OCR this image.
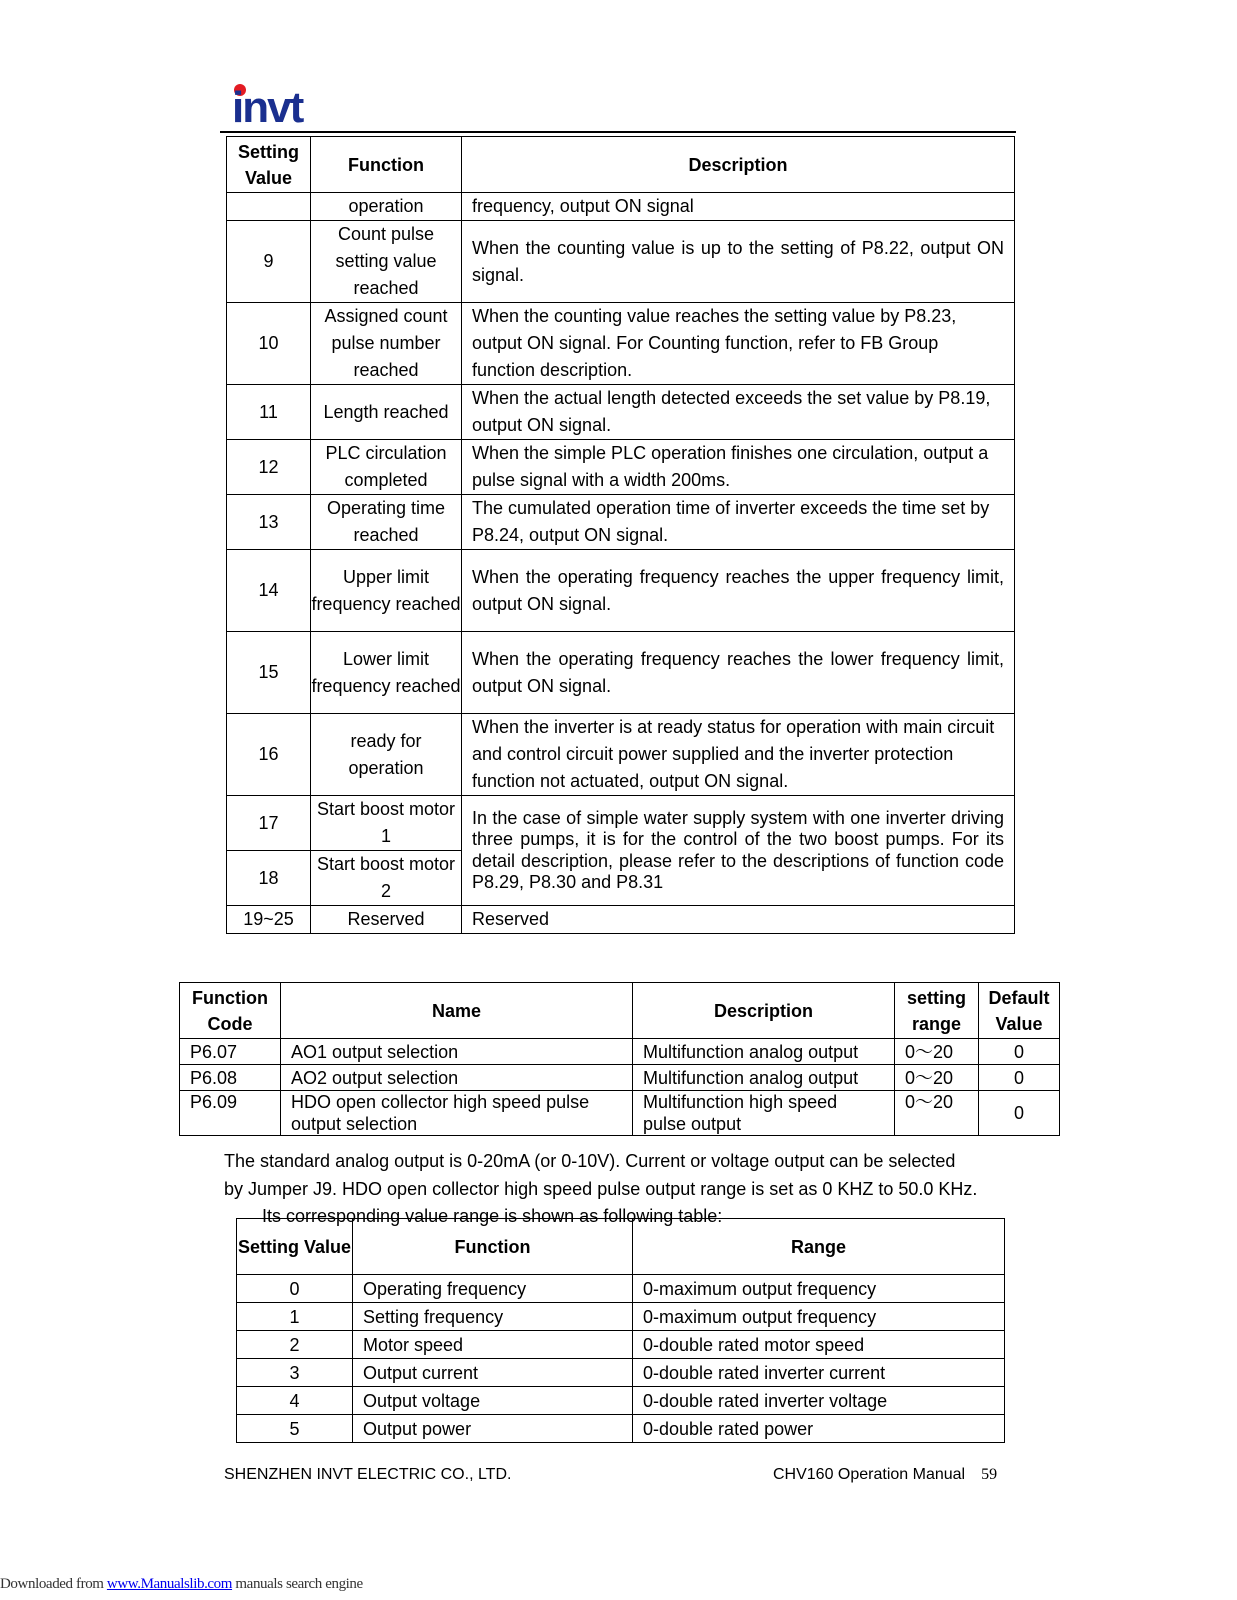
invt
Setting Value	Function	Description
	operation	frequency, output ON signal
9	Count pulse setting value reached	When the counting value is up to the setting of P8.22, output ON signal.
10	Assigned count pulse number reached	When the counting value reaches the setting value by P8.23, output ON signal. For Counting function, refer to FB Group function description.
11	Length reached	When the actual length detected exceeds the set value by P8.19, output ON signal.
12	PLC circulation completed	When the simple PLC operation finishes one circulation, output a pulse signal with a width 200ms.
13	Operating time reached	The cumulated operation time of inverter exceeds the time set by P8.24, output ON signal.
14	Upper limit frequency reached	When the operating frequency reaches the upper frequency limit, output ON signal.
15	Lower limit frequency reached	When the operating frequency reaches the lower frequency limit, output ON signal.
16	ready for operation	When the inverter is at ready status for operation with main circuit and control circuit power supplied and the inverter protection function not actuated, output ON signal.
17	Start boost motor 1	In the case of simple water supply system with one inverter driving three pumps, it is for the control of the two boost pumps. For its detail description, please refer to the descriptions of function code P8.29, P8.30 and P8.31
18	Start boost motor 2	
19~25	Reserved	Reserved
Function Code	Name	Description	setting range	Default Value
P6.07	AO1 output selection	Multifunction analog output	0～20	0
P6.08	AO2 output selection	Multifunction analog output	0～20	0
P6.09	HDO open collector high speed pulse output selection	Multifunction high speed pulse output	0～20	0
The standard analog output is 0-20mA (or 0-10V). Current or voltage output can be selected
by Jumper J9. HDO open collector high speed pulse output range is set as 0 KHZ to 50.0 KHz.
Its corresponding value range is shown as following table:
Setting Value	Function	Range
0	Operating frequency	0-maximum output frequency
1	Setting frequency	0-maximum output frequency
2	Motor speed	0-double rated motor speed
3	Output current	0-double rated inverter current
4	Output voltage	0-double rated inverter voltage
5	Output power	0-double rated power
SHENZHEN INVT ELECTRIC CO., LTD.	CHV160 Operation Manual 59
Downloaded from www.Manualslib.com manuals search engine
